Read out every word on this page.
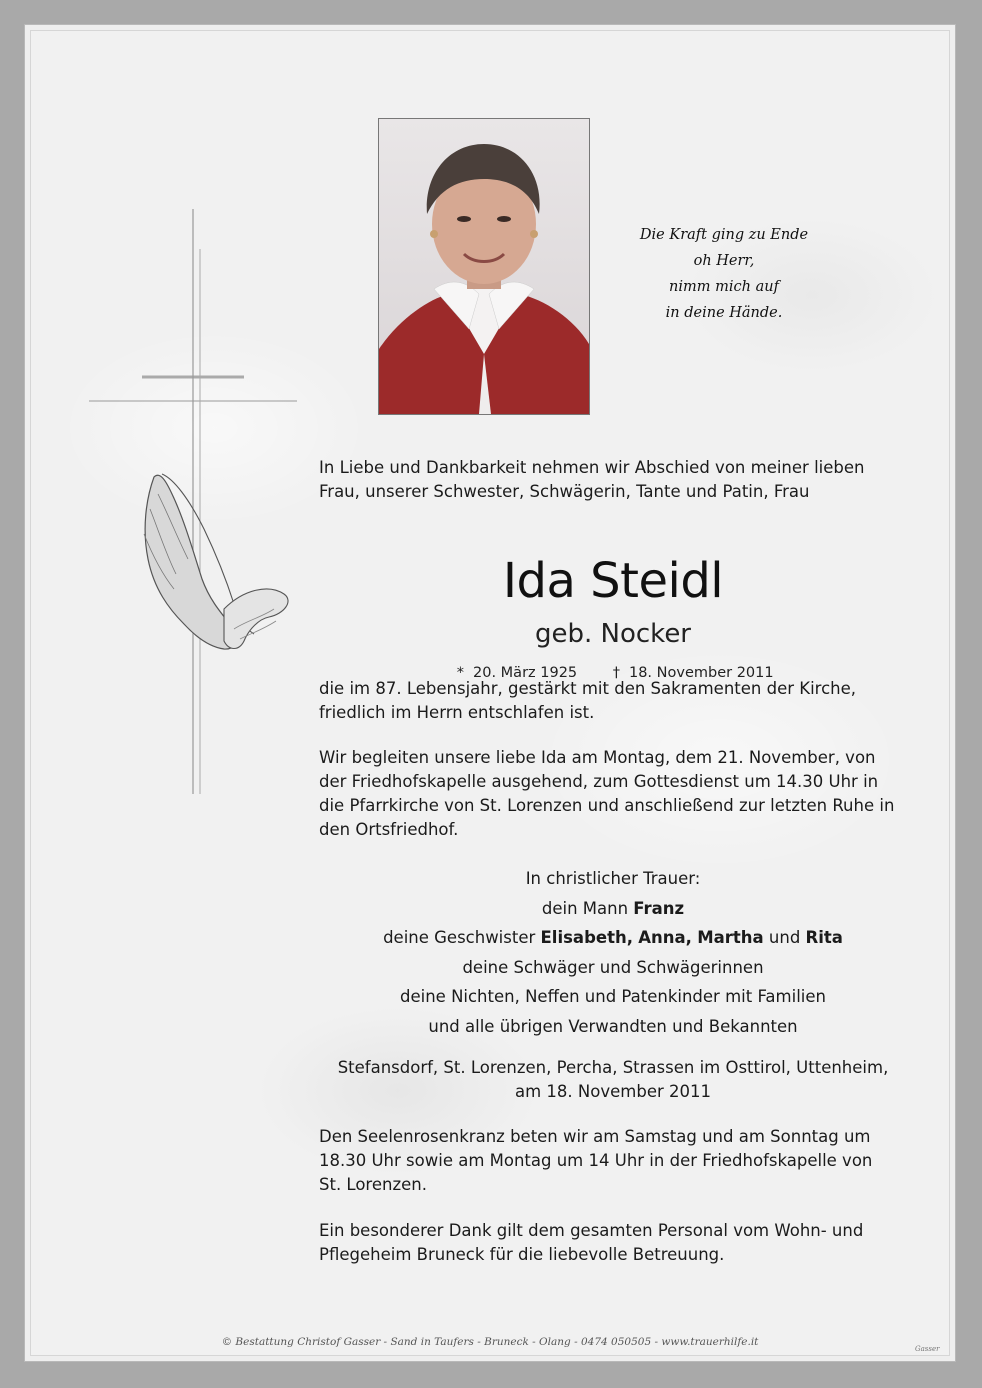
Die Kraft ging zu Ende
oh Herr,
nimm mich auf
in deine Hände.
In Liebe und Dankbarkeit nehmen wir Abschied von meiner lieben
Frau, unserer Schwester, Schwägerin, Tante und Patin, Frau
Ida Steidl
geb. Nocker
* 20. März 1925 † 18. November 2011
die im 87. Lebensjahr, gestärkt mit den Sakramenten der Kirche,
friedlich im Herrn entschlafen ist.
Wir begleiten unsere liebe Ida am Montag, dem 21. November, von
der Friedhofskapelle ausgehend, zum Gottesdienst um 14.30 Uhr in
die Pfarrkirche von St. Lorenzen und anschließend zur letzten Ruhe in
den Ortsfriedhof.
In christlicher Trauer:
dein Mann Franz
deine Geschwister Elisabeth, Anna, Martha und Rita
deine Schwäger und Schwägerinnen
deine Nichten, Neffen und Patenkinder mit Familien
und alle übrigen Verwandten und Bekannten
Stefansdorf, St. Lorenzen, Percha, Strassen im Osttirol, Uttenheim,
am 18. November 2011
Den Seelenrosenkranz beten wir am Samstag und am Sonntag um
18.30 Uhr sowie am Montag um 14 Uhr in der Friedhofskapelle von
St. Lorenzen.
Ein besonderer Dank gilt dem gesamten Personal vom Wohn- und
Pflegeheim Bruneck für die liebevolle Betreuung.
© Bestattung Christof Gasser - Sand in Taufers - Bruneck - Olang - 0474 050505 - www.trauerhilfe.it
Gasser
